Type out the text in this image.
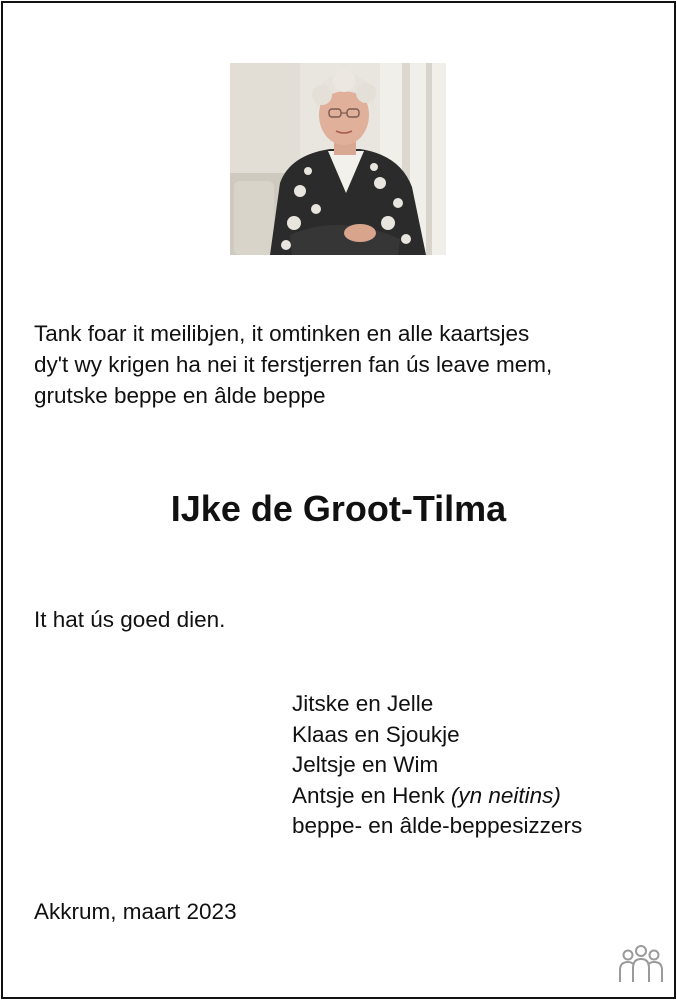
Tank foar it meilibjen, it omtinken en alle kaartsjes
dy't wy krigen ha nei it ferstjerren fan ús leave mem,
grutske beppe en âlde beppe
IJke de Groot-Tilma
It hat ús goed dien.
Jitske en Jelle
Klaas en Sjoukje
Jeltsje en Wim
Antsje en Henk (yn neitins)
beppe- en âlde-beppesizzers
Akkrum, maart 2023
